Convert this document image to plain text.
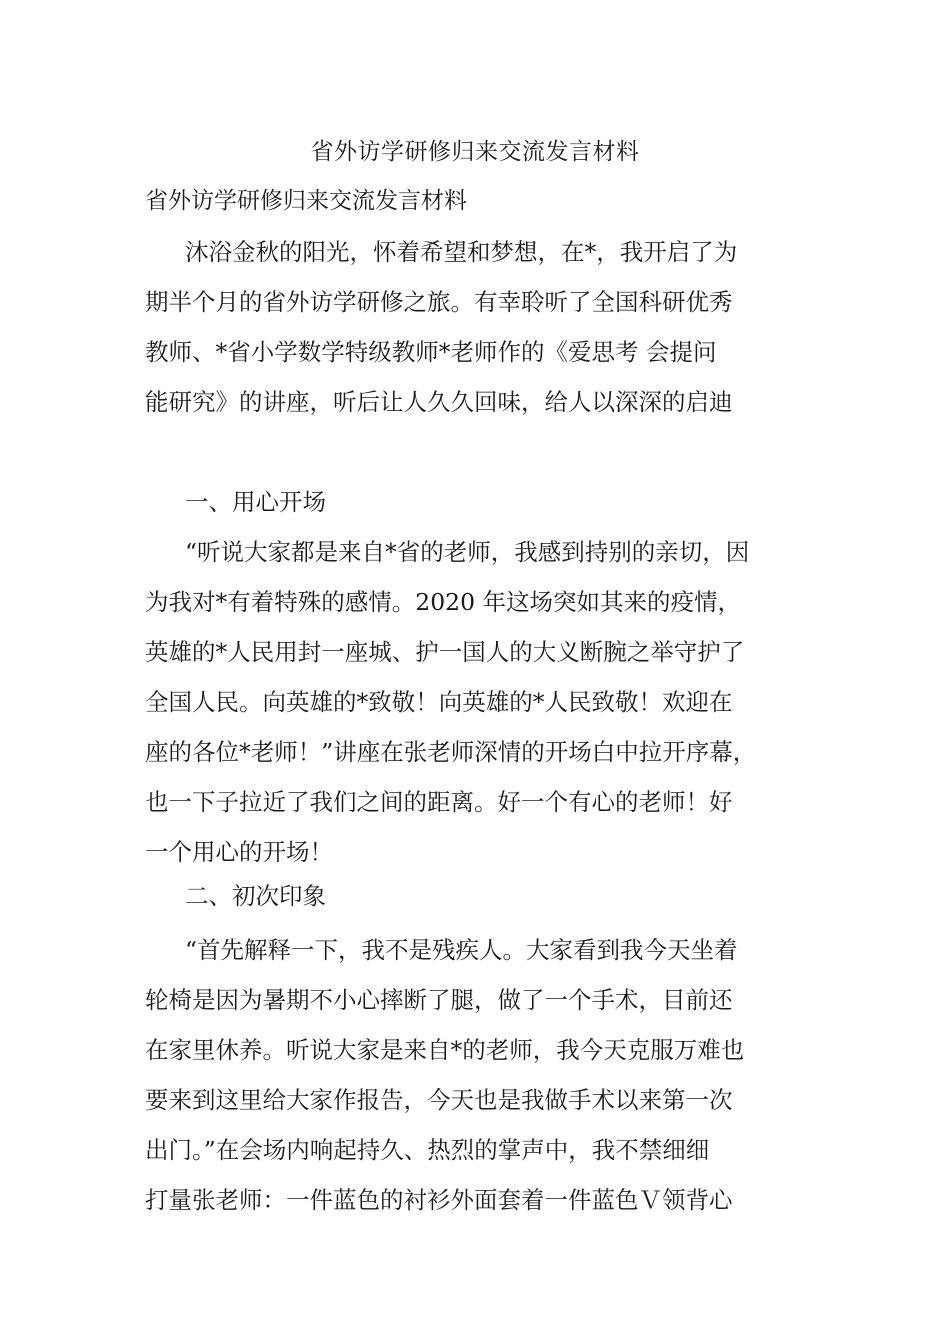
省外访学研修归来交流发言材料
省外访学研修归来交流发言材料
沐浴金秋的阳光，怀着希望和梦想，在*，我开启了为
期半个月的省外访学研修之旅。有幸聆听了全国科研优秀
教师、*省小学数学特级教师*老师作的《爱思考 会提问
能研究》的讲座，听后让人久久回味，给人以深深的启迪
一、用心开场
“听说大家都是来自*省的老师，我感到持别的亲切，因
为我对*有着特殊的感情。2020 年这场突如其来的疫情，
英雄的*人民用封一座城、护一国人的大义断腕之举守护了
全国人民。向英雄的*致敬！向英雄的*人民致敬！欢迎在
座的各位*老师！”讲座在张老师深情的开场白中拉开序幕，
也一下子拉近了我们之间的距离。好一个有心的老师！好
一个用心的开场！
二、初次印象
“首先解释一下，我不是残疾人。大家看到我今天坐着
轮椅是因为暑期不小心摔断了腿，做了一个手术，目前还
在家里休养。听说大家是来自*的老师，我今天克服万难也
要来到这里给大家作报告，今天也是我做手术以来第一次
出门。”在会场内响起持久、热烈的掌声中，我不禁细细
打量张老师：一件蓝色的衬衫外面套着一件蓝色Ｖ领背心
